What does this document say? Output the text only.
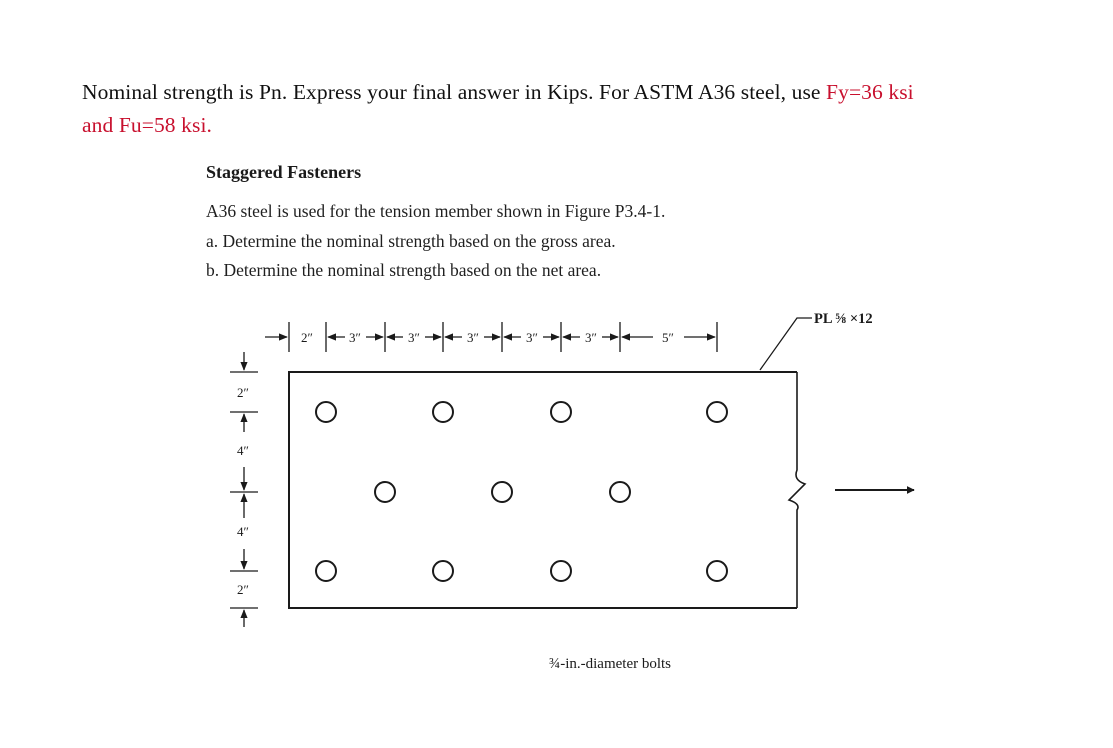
Nominal strength is Pn. Express your final answer in Kips. For ASTM A36 steel, use Fy=36 ksi
and Fu=58 ksi.
Staggered Fasteners
A36 steel is used for the tension member shown in Figure P3.4-1.
a. Determine the nominal strength based on the gross area.
b. Determine the nominal strength based on the net area.
2″	3″	3″	3″	3″	3″	5″
2″
4″
4″
2″
PL ⅝ ×12
¾-in.-diameter bolts
